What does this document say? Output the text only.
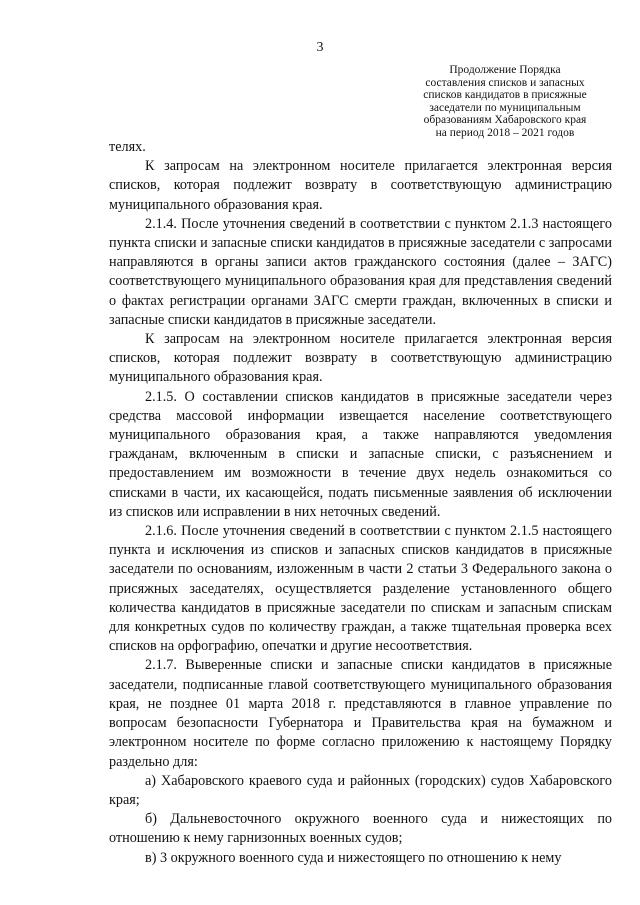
3
Продолжение Порядка
составления списков и запасных
списков кандидатов в присяжные
заседатели по муниципальным
образованиям Хабаровского края
на период 2018 – 2021 годов

телях.

К запросам на электронном носителе прилагается электронная версия списков, которая подлежит возврату в соответствующую администрацию муниципального образования края.

2.1.4. После уточнения сведений в соответствии с пунктом 2.1.3 настоящего пункта списки и запасные списки кандидатов в присяжные заседатели с запросами направляются в органы записи актов гражданского состояния (далее – ЗАГС) соответствующего муниципального образования края для представления сведений о фактах регистрации органами ЗАГС смерти граждан, включенных в списки и запасные списки кандидатов в присяжные заседатели.

К запросам на электронном носителе прилагается электронная версия списков, которая подлежит возврату в соответствующую администрацию муниципального образования края.

2.1.5. О составлении списков кандидатов в присяжные заседатели через средства массовой информации извещается население соответствующего муниципального образования края, а также направляются уведомления гражданам, включенным в списки и запасные списки, с разъяснением и предоставлением им возможности в течение двух недель ознакомиться со списками в части, их касающейся, подать письменные заявления об исключении из списков или исправлении в них неточных сведений.

2.1.6. После уточнения сведений в соответствии с пунктом 2.1.5 настоящего пункта и исключения из списков и запасных списков кандидатов в присяжные заседатели по основаниям, изложенным в части 2 статьи 3 Федерального закона о присяжных заседателях, осуществляется разделение установленного общего количества кандидатов в присяжные заседатели по спискам и запасным спискам для конкретных судов по количеству граждан, а также тщательная проверка всех списков на орфографию, опечатки и другие несоответствия.

2.1.7. Выверенные списки и запасные списки кандидатов в присяжные заседатели, подписанные главой соответствующего муниципального образования края, не позднее 01 марта 2018 г. представляются в главное управление по вопросам безопасности Губернатора и Правительства края на бумажном и электронном носителе по форме согласно приложению к настоящему Порядку раздельно для:

а) Хабаровского краевого суда и районных (городских) судов Хабаровского края;

б) Дальневосточного окружного военного суда и нижестоящих по отношению к нему гарнизонных военных судов;

в) 3 окружного военного суда и нижестоящего по отношению к нему
